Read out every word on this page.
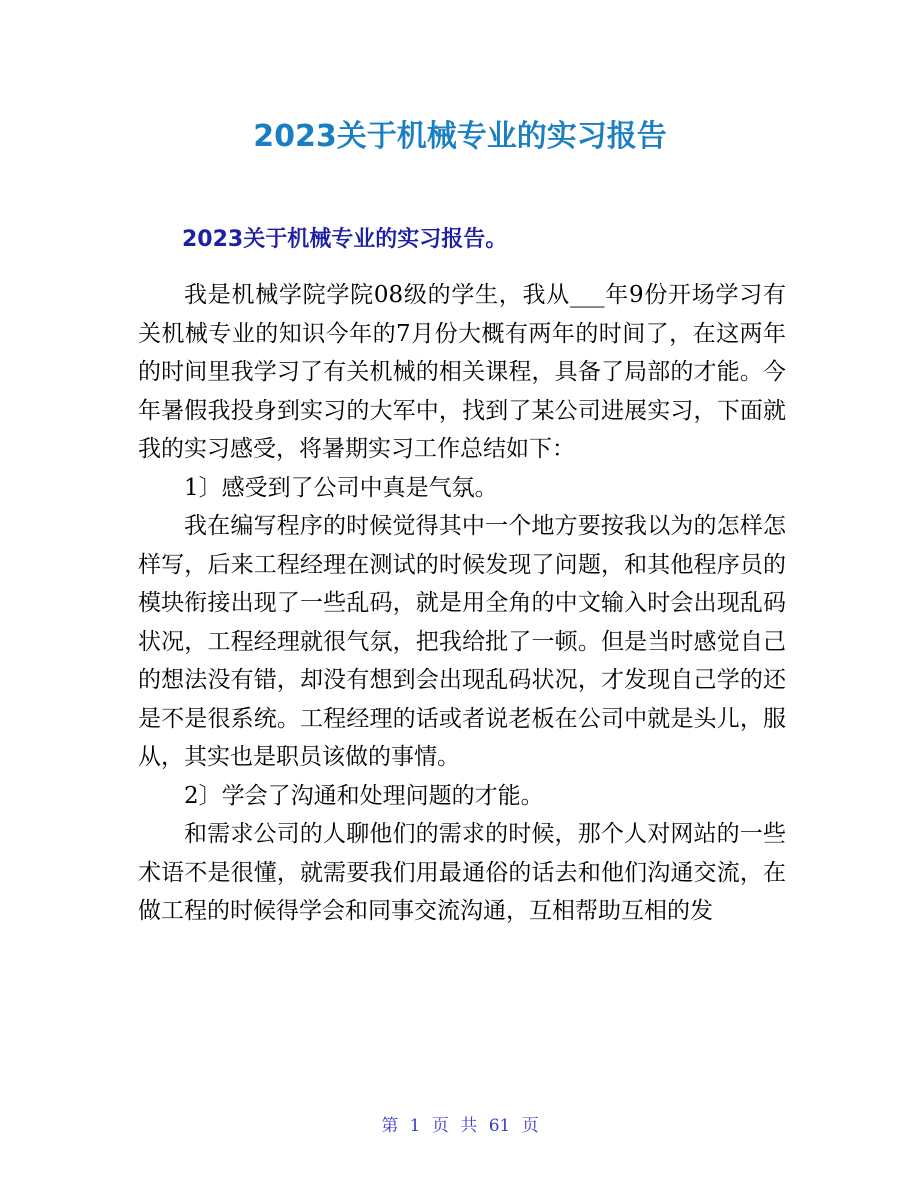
2023关于机械专业的实习报告
2023关于机械专业的实习报告。

我是机械学院学院08级的学生，我从___年9份开场学习有关机械专业的知识今年的7月份大概有两年的时间了，在这两年的时间里我学习了有关机械的相关课程，具备了局部的才能。今年暑假我投身到实习的大军中，找到了某公司进展实习，下面就我的实习感受，将暑期实习工作总结如下：

1〕感受到了公司中真是气氛。

我在编写程序的时候觉得其中一个地方要按我以为的怎样怎样写，后来工程经理在测试的时候发现了问题，和其他程序员的模块衔接出现了一些乱码，就是用全角的中文输入时会出现乱码状况，工程经理就很气氛，把我给批了一顿。但是当时感觉自己的想法没有错，却没有想到会出现乱码状况，才发现自己学的还是不是很系统。工程经理的话或者说老板在公司中就是头儿，服从，其实也是职员该做的事情。

2〕学会了沟通和处理问题的才能。

和需求公司的人聊他们的需求的时候，那个人对网站的一些术语不是很懂，就需要我们用最通俗的话去和他们沟通交流，在做工程的时候得学会和同事交流沟通，互相帮助互相的发

第 1 页 共 61 页
